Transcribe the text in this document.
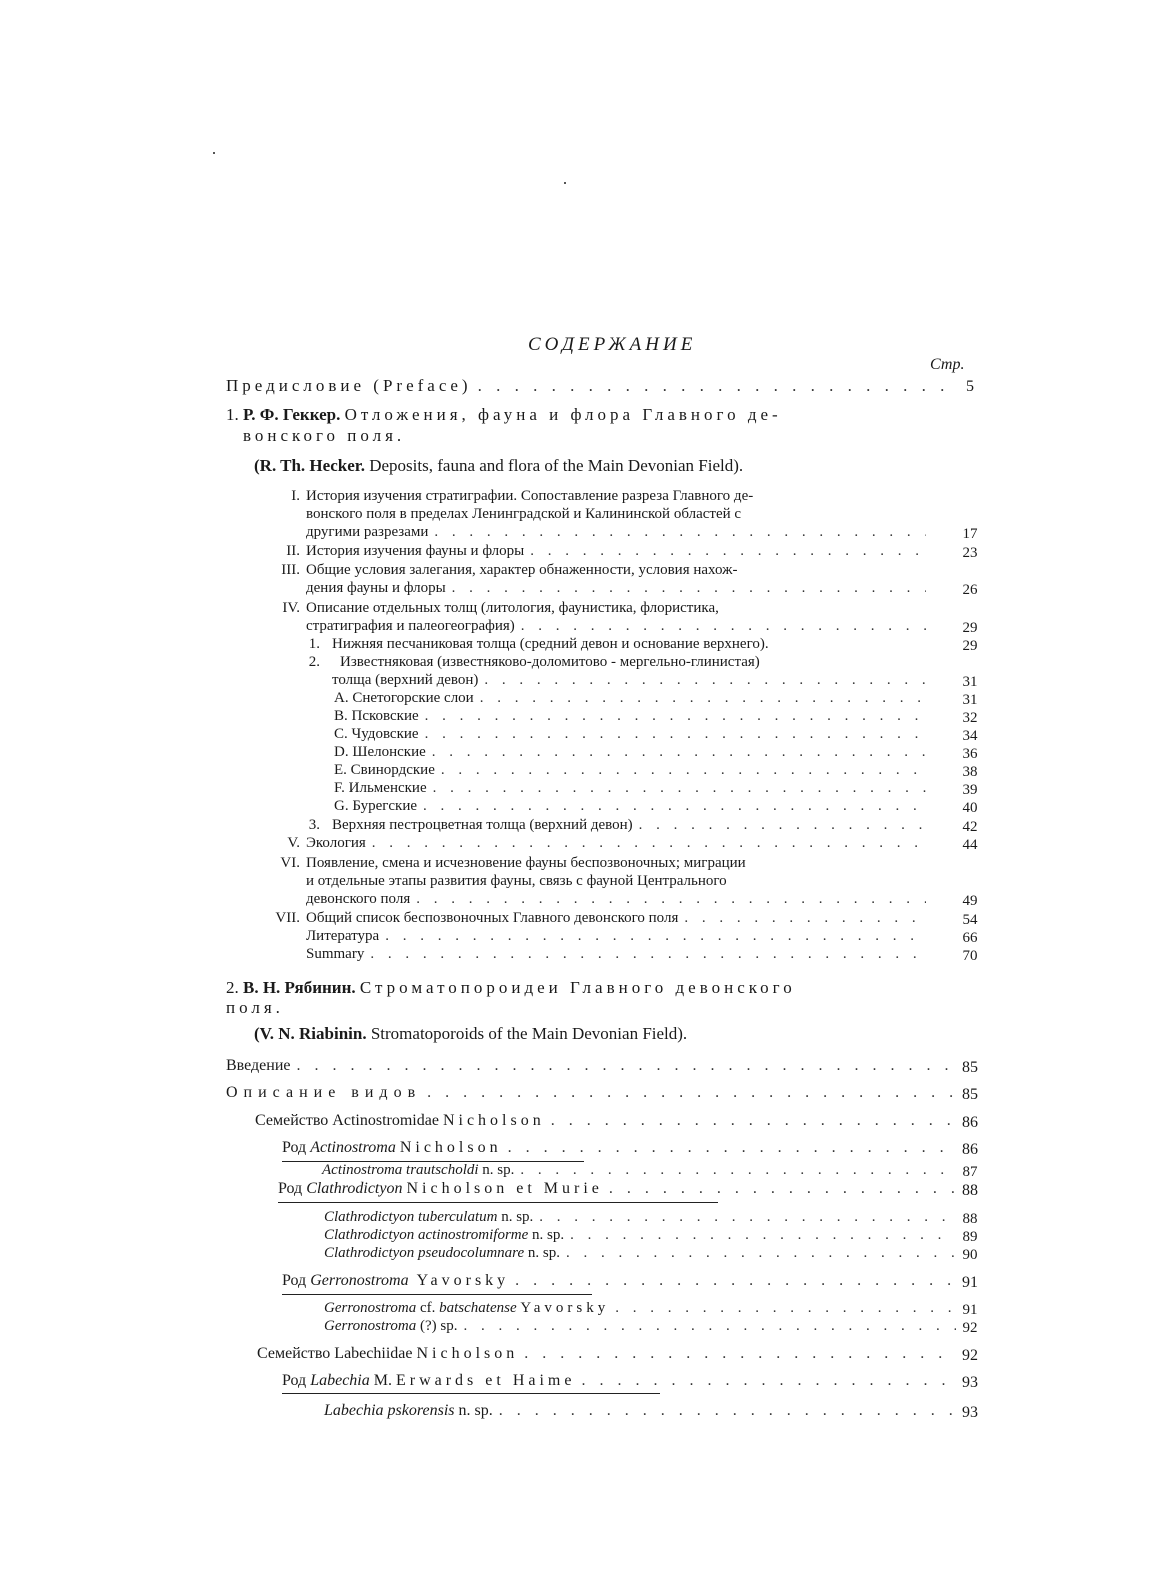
СОДЕРЖАНИЕ
Стр.
Предисловие (Preface) . . .	5
1. Р. Ф. Геккер. Отложения, фауна и флора Главного де-
вонского поля.
(R. Th. Hecker. Deposits, fauna and flora of the Main Devonian Field).
I. История изучения стратиграфии. Сопоставление разреза Главного де-
вонского поля в пределах Ленинградской и Калининской областей с
другими разрезами . . .	17
II. История изучения фауны и флоры . . .	23
III. Общие условия залегания, характер обнаженности, условия нахож-
дения фауны и флоры . . .	26
IV. Описание отдельных толщ (литология, фаунистика, флористика,
стратиграфия и палеогеография) . . .	29
1. Нижняя песчаниковая толща (средний девон и основание верхнего).	29
2. Известняковая (известняково-доломитово - мергельно-глинистая)
толща (верхний девон) . . .	31
A. Снетогорские слои . . .	31
B. Псковские . . .	32
C. Чудовские . . .	34
D. Шелонские . . .	36
E. Свинордские . . .	38
F. Ильменские . . .	39
G. Бурегские . . .	40
3. Верхняя пестроцветная толща (верхний девон) . . .	42
V. Экология . . .	44
VI. Появление, смена и исчезновение фауны беспозвоночных; миграции
и отдельные этапы развития фауны, связь с фауной Центрального
девонского поля . . .	49
VII. Общий список беспозвоночных Главного девонского поля . . .	54
Литература . . .	66
Summary . . .	70
2. В. Н. Рябинин. Строматопороидеи Главного девонского
поля.
(V. N. Riabinin. Stromatoporoids of the Main Devonian Field).
Введение . . .	85
Описание видов . . .	85
Семейство Actinostromidae Nicholson . . .	86
Род Actinostroma Nicholson . . .	86
Actinostroma trautscholdi n. sp. . . .	87
Род Clathrodictyon Nicholson et Murie . . .	88
Clathrodictyon tuberculatum n. sp. . . .	88
Clathrodictyon actinostromiforme n. sp. . . .	89
Clathrodictyon pseudocolumnare n. sp. . . .	90
Род Gerronostroma Yavorsky . . .	91
Gerronostroma cf. batschatense Yavorsky . . .	91
Gerronostroma (?) sp. . . .	92
Семейство Labechiidae Nicholson . . .	92
Род Labechia M. Erwards et Haime . . .	93
Labechia pskorensis n. sp. . . .	93
